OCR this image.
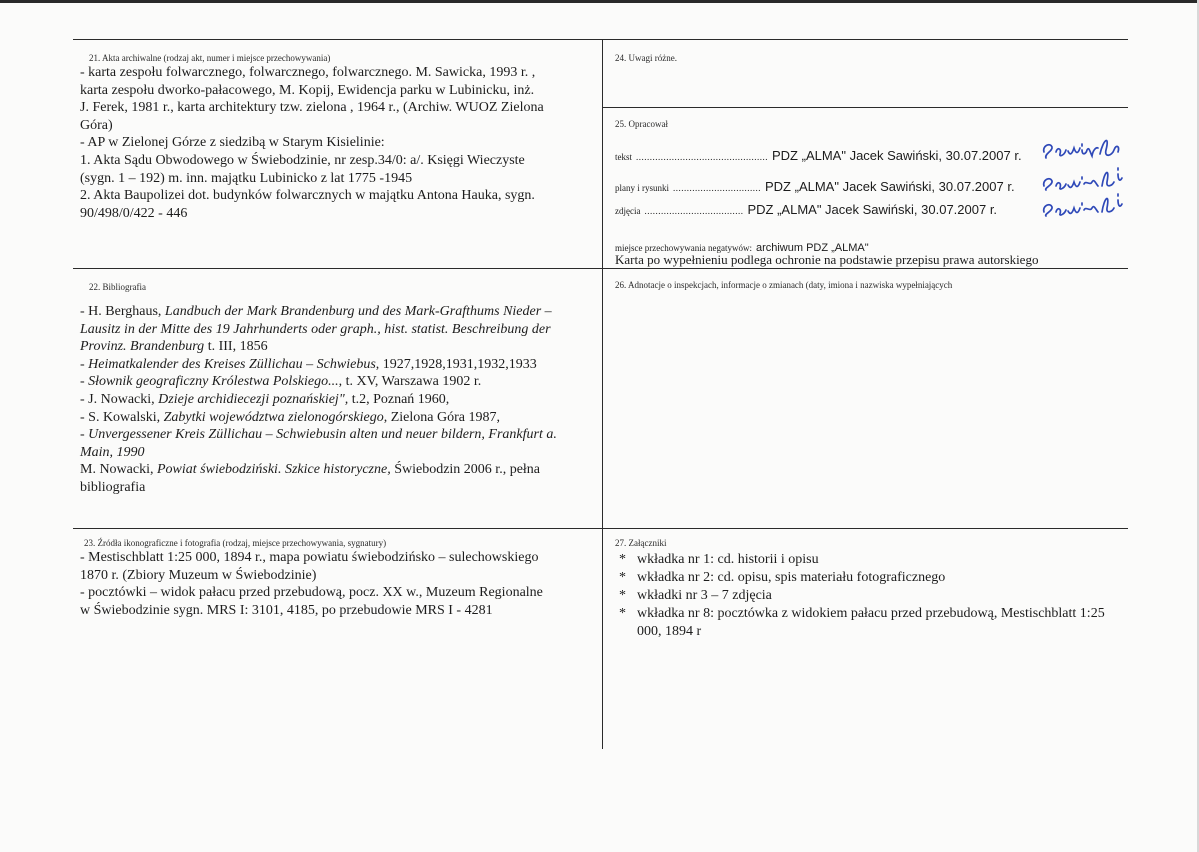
21. Akta archiwalne (rodzaj akt, numer i miejsce przechowywania)
- karta zespołu folwarcznego, folwarcznego, folwarcznego. M. Sawicka, 1993 r. ,
karta zespołu dworko-pałacowego, M. Kopij, Ewidencja parku w Lubinicku, inż.
J. Ferek, 1981 r., karta architektury tzw. zielona , 1964 r., (Archiw. WUOZ Zielona
Góra)
- AP w Zielonej Górze z siedzibą w Starym Kisielinie:
1. Akta Sądu Obwodowego w Świebodzinie, nr zesp.34/0: a/. Księgi Wieczyste
(sygn. 1 – 192) m. inn. majątku Lubinicko z lat 1775 -1945
2. Akta Baupolizei dot. budynków folwarcznych w majątku Antona Hauka, sygn.
90/498/0/422 - 446
22. Bibliografia
- H. Berghaus, Landbuch der Mark Brandenburg und des Mark-Grafthums Nieder –
Lausitz in der Mitte des 19 Jahrhunderts oder graph., hist. statist. Beschreibung der
Provinz. Brandenburg t. III, 1856
- Heimatkalender des Kreises Züllichau – Schwiebus, 1927,1928,1931,1932,1933
- Słownik geograficzny Królestwa Polskiego..., t. XV, Warszawa 1902 r.
- J. Nowacki, Dzieje archidiecezji poznańskiej", t.2, Poznań 1960,
- S. Kowalski, Zabytki województwa zielonogórskiego, Zielona Góra 1987,
- Unvergessener Kreis Züllichau – Schwiebusin alten und neuer bildern, Frankfurt a.
Main, 1990
M. Nowacki, Powiat świebodziński. Szkice historyczne, Świebodzin 2006 r., pełna
bibliografia
23. Źródła ikonograficzne i fotografia (rodzaj, miejsce przechowywania, sygnatury)
- Mestischblatt 1:25 000, 1894 r., mapa powiatu świebodzińsko – sulechowskiego
1870 r. (Zbiory Muzeum w Świebodzinie)
- pocztówki – widok pałacu przed przebudową, pocz. XX w., Muzeum Regionalne
w Świebodzinie sygn. MRS I: 3101, 4185, po przebudowie MRS I - 4281
24. Uwagi różne.
25. Opracował
tekst ................................................ PDZ „ALMA" Jacek Sawiński, 30.07.2007 r.
plany i rysunki ................................ PDZ „ALMA" Jacek Sawiński, 30.07.2007 r.
zdjęcia .................................... PDZ „ALMA" Jacek Sawiński, 30.07.2007 r.
miejsce przechowywania negatywów: archiwum PDZ „ALMA"
Karta po wypełnieniu podlega ochronie na podstawie przepisu prawa autorskiego
26. Adnotacje o inspekcjach, informacje o zmianach (daty, imiona i nazwiska wypełniających
27. Załączniki
* wkładka nr 1: cd. historii i opisu
* wkładka nr 2: cd. opisu, spis materiału fotograficznego
* wkładki nr 3 – 7 zdjęcia
* wkładka nr 8: pocztówka z widokiem pałacu przed przebudową, Mestischblatt 1:25 000, 1894 r
